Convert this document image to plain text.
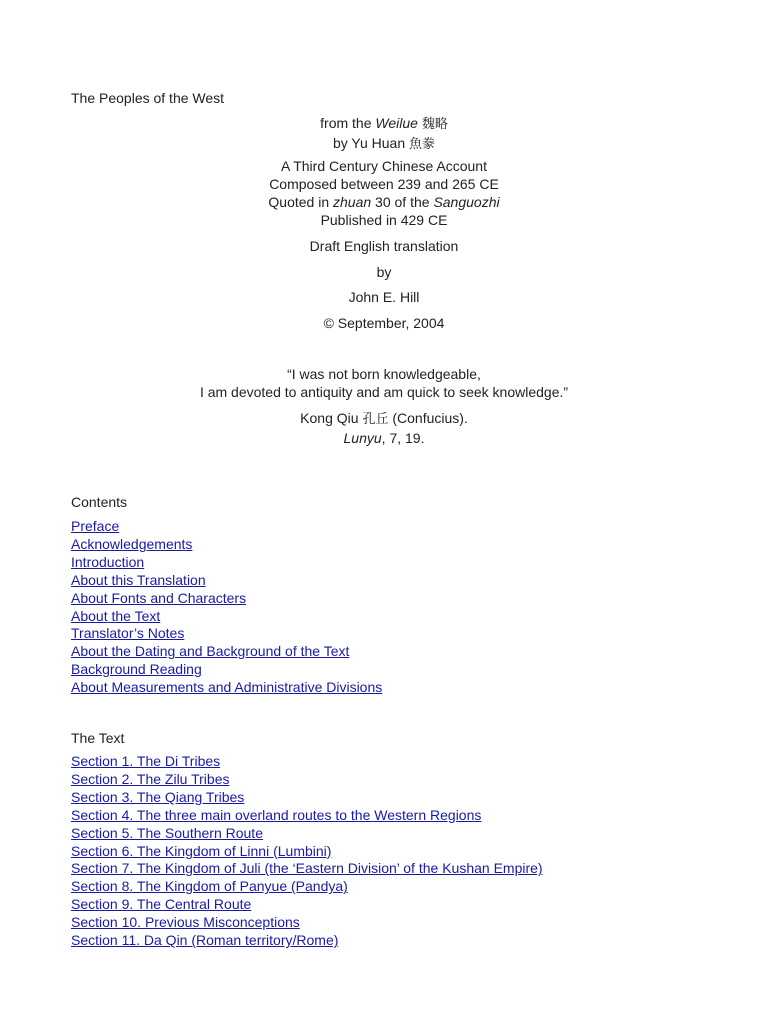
The Peoples of the West

from the Weilue 魏略

by Yu Huan 魚豢

A Third Century Chinese Account

Composed between 239 and 265 CE

Quoted in zhuan 30 of the Sanguozhi

Published in 429 CE

Draft English translation
by
John E. Hill
© September, 2004

“I was not born knowledgeable,

I am devoted to antiquity and am quick to seek knowledge.”

Kong Qiu 孔丘 (Confucius).

Lunyu, 7, 19.

Contents
Preface
Acknowledgements
Introduction
About this Translation
About Fonts and Characters
About the Text
Translator’s Notes
About the Dating and Background of the Text
Background Reading
About Measurements and Administrative Divisions
The Text
Section 1. The Di Tribes
Section 2. The Zilu Tribes
Section 3. The Qiang Tribes
Section 4. The three main overland routes to the Western Regions
Section 5. The Southern Route
Section 6. The Kingdom of Linni (Lumbini)
Section 7. The Kingdom of Juli (the ‘Eastern Division’ of the Kushan Empire)
Section 8. The Kingdom of Panyue (Pandya)
Section 9. The Central Route
Section 10. Previous Misconceptions
Section 11. Da Qin (Roman territory/Rome)
